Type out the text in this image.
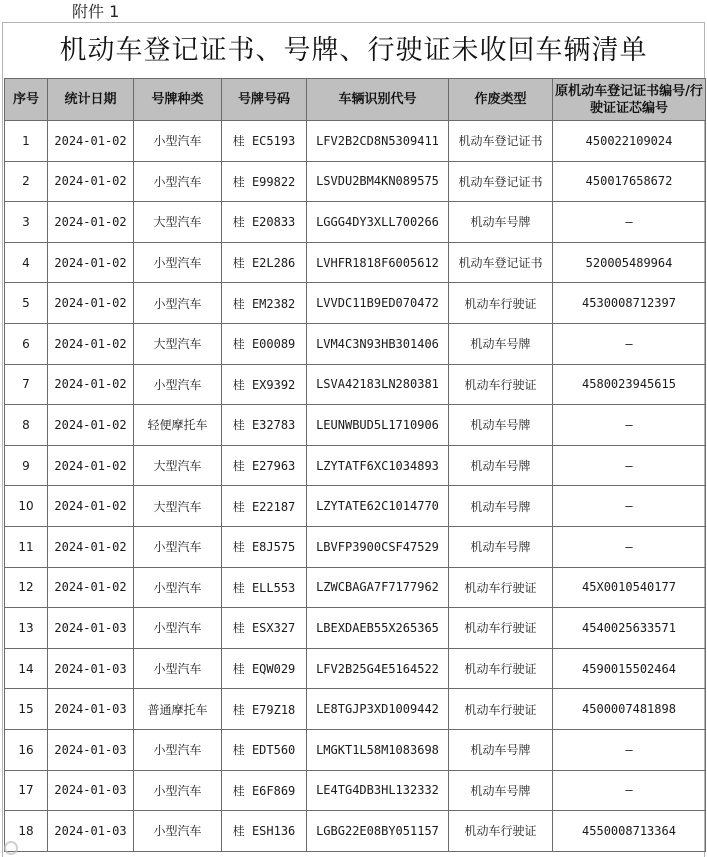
附件 1
机动车登记证书、号牌、行驶证未收回车辆清单
序号	统计日期	号牌种类	号牌号码	车辆识别代号	作废类型	原机动车登记证书编号/行驶证证芯编号
1	2024-01-02	小型汽车	桂 EC5193	LFV2B2CD8N5309411	机动车登记证书	450022109024
2	2024-01-02	小型汽车	桂 E99822	LSVDU2BM4KN089575	机动车登记证书	450017658672
3	2024-01-02	大型汽车	桂 E20833	LGGG4DY3XLL700266	机动车号牌	—
4	2024-01-02	小型汽车	桂 E2L286	LVHFR1818F6005612	机动车登记证书	520005489964
5	2024-01-02	小型汽车	桂 EM2382	LVVDC11B9ED070472	机动车行驶证	4530008712397
6	2024-01-02	大型汽车	桂 E00089	LVM4C3N93HB301406	机动车号牌	—
7	2024-01-02	小型汽车	桂 EX9392	LSVA42183LN280381	机动车行驶证	4580023945615
8	2024-01-02	轻便摩托车	桂 E32783	LEUNWBUD5L1710906	机动车号牌	—
9	2024-01-02	大型汽车	桂 E27963	LZYTATF6XC1034893	机动车号牌	—
10	2024-01-02	大型汽车	桂 E22187	LZYTATE62C1014770	机动车号牌	—
11	2024-01-02	小型汽车	桂 E8J575	LBVFP3900CSF47529	机动车号牌	—
12	2024-01-02	小型汽车	桂 ELL553	LZWCBAGA7F7177962	机动车行驶证	45X0010540177
13	2024-01-03	小型汽车	桂 ESX327	LBEXDAEB55X265365	机动车行驶证	4540025633571
14	2024-01-03	小型汽车	桂 EQW029	LFV2B25G4E5164522	机动车行驶证	4590015502464
15	2024-01-03	普通摩托车	桂 E79Z18	LE8TGJP3XD1009442	机动车行驶证	4500007481898
16	2024-01-03	小型汽车	桂 EDT560	LMGKT1L58M1083698	机动车号牌	—
17	2024-01-03	小型汽车	桂 E6F869	LE4TG4DB3HL132332	机动车号牌	—
18	2024-01-03	小型汽车	桂 ESH136	LGBG22E08BY051157	机动车行驶证	4550008713364
